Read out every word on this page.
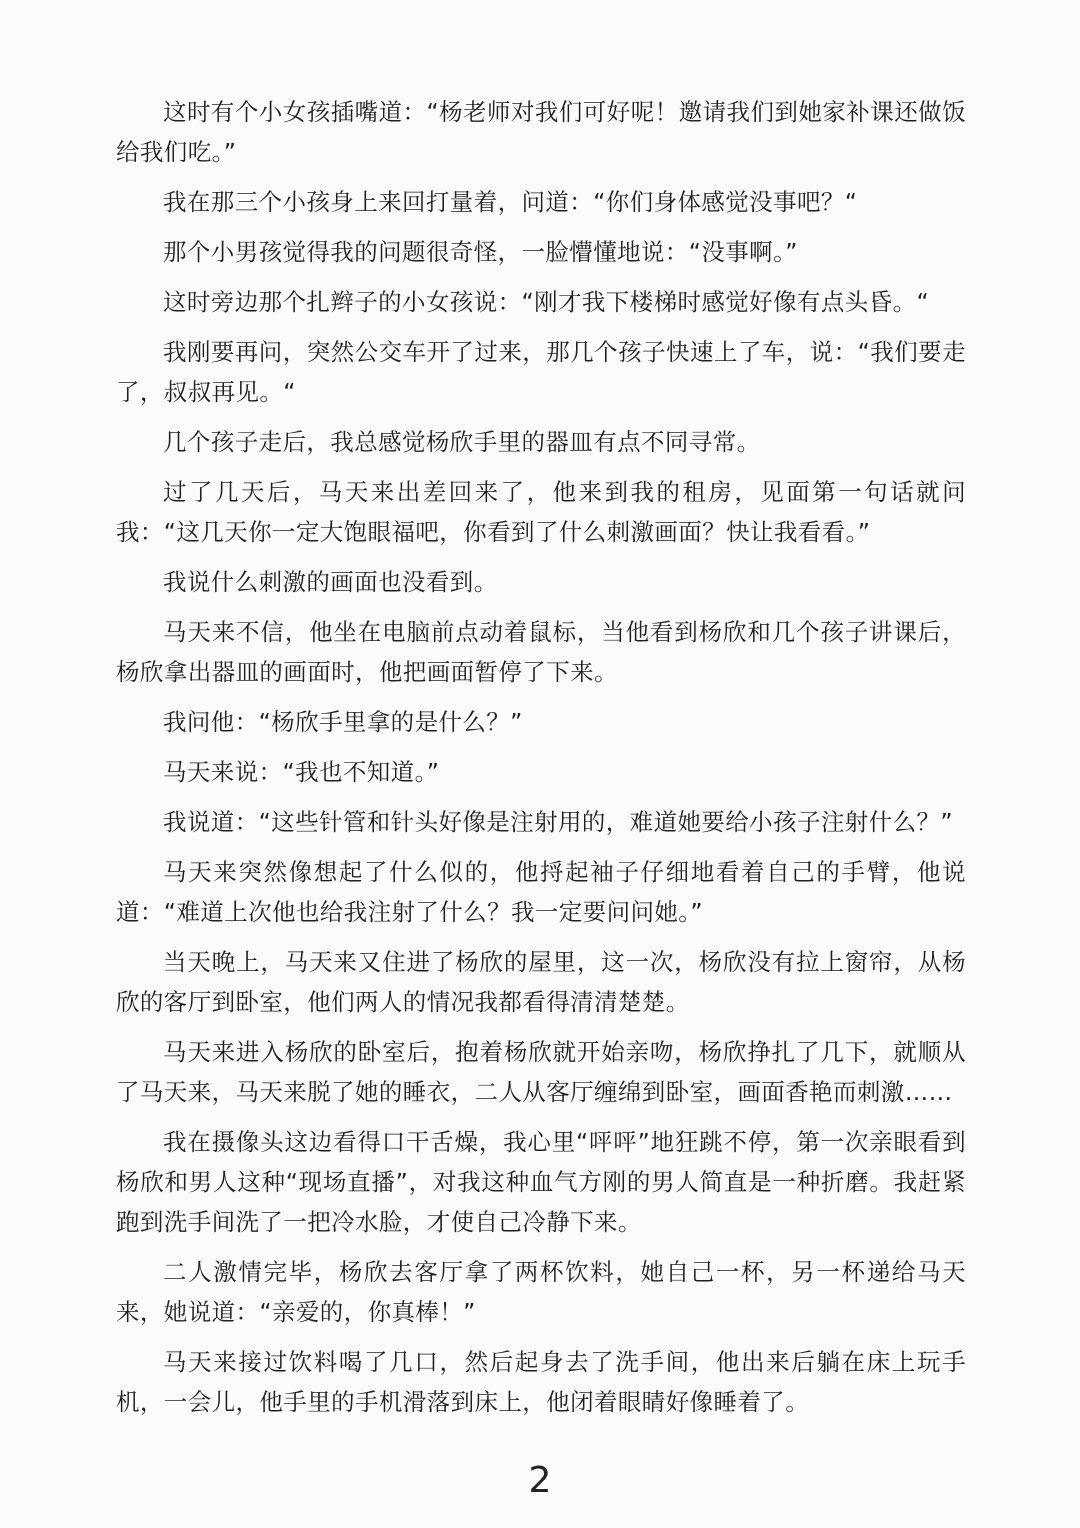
这时有个小女孩插嘴道：“杨老师对我们可好呢！邀请我们到她家补课还做饭给我们吃。”

我在那三个小孩身上来回打量着，问道：“你们身体感觉没事吧？“

那个小男孩觉得我的问题很奇怪，一脸懵懂地说：“没事啊。”

这时旁边那个扎辫子的小女孩说：“刚才我下楼梯时感觉好像有点头昏。“

我刚要再问，突然公交车开了过来，那几个孩子快速上了车，说：“我们要走了，叔叔再见。“

几个孩子走后，我总感觉杨欣手里的器皿有点不同寻常。

过了几天后，马天来出差回来了，他来到我的租房，见面第一句话就问我：“这几天你一定大饱眼福吧，你看到了什么刺激画面？快让我看看。”

我说什么刺激的画面也没看到。

马天来不信，他坐在电脑前点动着鼠标，当他看到杨欣和几个孩子讲课后，杨欣拿出器皿的画面时，他把画面暂停了下来。

我问他：“杨欣手里拿的是什么？”

马天来说：“我也不知道。”

我说道：“这些针管和针头好像是注射用的，难道她要给小孩子注射什么？”

马天来突然像想起了什么似的，他捋起袖子仔细地看着自己的手臂，他说道：“难道上次他也给我注射了什么？我一定要问问她。”

当天晚上，马天来又住进了杨欣的屋里，这一次，杨欣没有拉上窗帘，从杨欣的客厅到卧室，他们两人的情况我都看得清清楚楚。

马天来进入杨欣的卧室后，抱着杨欣就开始亲吻，杨欣挣扎了几下，就顺从了马天来，马天来脱了她的睡衣，二人从客厅缠绵到卧室，画面香艳而刺激……

我在摄像头这边看得口干舌燥，我心里“呯呯”地狂跳不停，第一次亲眼看到杨欣和男人这种“现场直播”，对我这种血气方刚的男人简直是一种折磨。我赶紧跑到洗手间洗了一把冷水脸，才使自己冷静下来。

二人激情完毕，杨欣去客厅拿了两杯饮料，她自己一杯，另一杯递给马天来，她说道：“亲爱的，你真棒！”

马天来接过饮料喝了几口，然后起身去了洗手间，他出来后躺在床上玩手机，一会儿，他手里的手机滑落到床上，他闭着眼睛好像睡着了。

2
